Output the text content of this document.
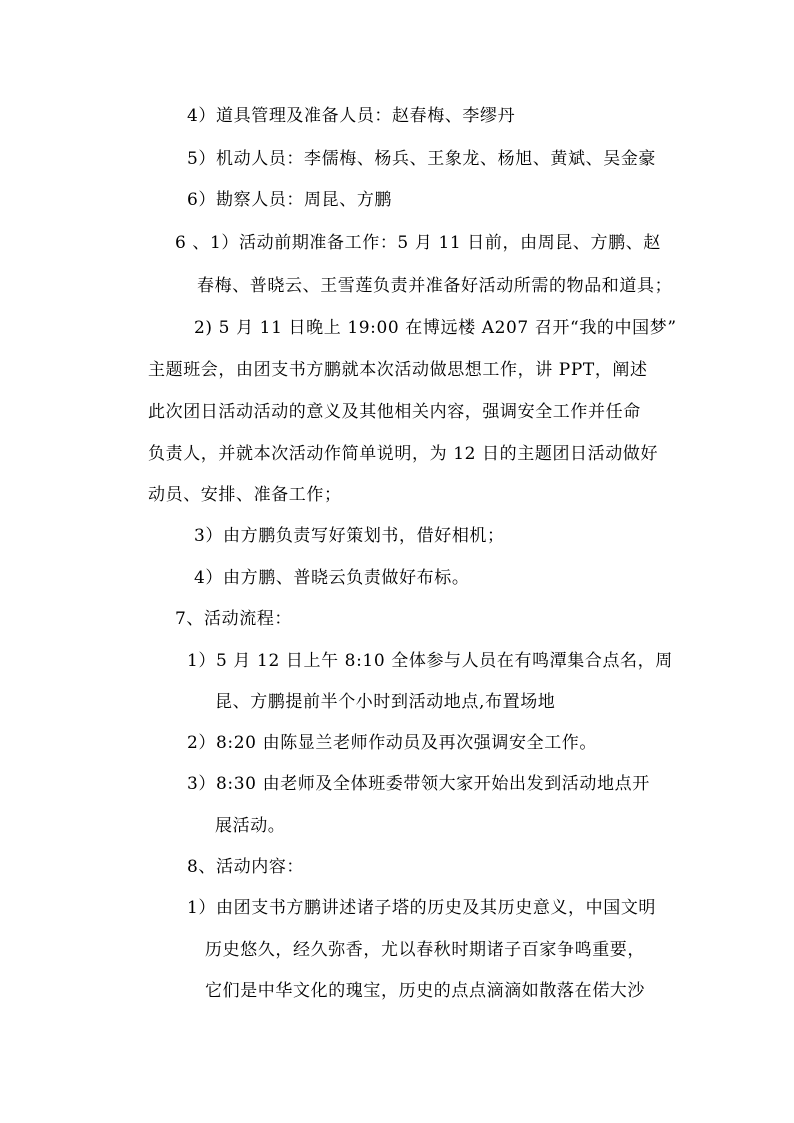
4）道具管理及准备人员：赵春梅、李缪丹
5）机动人员：李儒梅、杨兵、王象龙、杨旭、黄斌、吴金豪
6）勘察人员：周昆、方鹏
6 、1）活动前期准备工作：5 月 11 日前，由周昆、方鹏、赵
春梅、普晓云、王雪莲负责并准备好活动所需的物品和道具；
2) 5 月 11 日晚上 19:00 在博远楼 A207 召开“我的中国梦”
主题班会，由团支书方鹏就本次活动做思想工作，讲 PPT，阐述
此次团日活动活动的意义及其他相关内容，强调安全工作并任命
负责人，并就本次活动作简单说明，为 12 日的主题团日活动做好
动员、安排、准备工作；
3）由方鹏负责写好策划书，借好相机；
4）由方鹏、普晓云负责做好布标。
7、活动流程：
1）5 月 12 日上午 8:10 全体参与人员在有鸣潭集合点名，周
昆、方鹏提前半个小时到活动地点,布置场地
2）8:20 由陈显兰老师作动员及再次强调安全工作。
3）8:30 由老师及全体班委带领大家开始出发到活动地点开
展活动。
8、活动内容：
1）由团支书方鹏讲述诸子塔的历史及其历史意义，中国文明
历史悠久，经久弥香，尤以春秋时期诸子百家争鸣重要，
它们是中华文化的瑰宝，历史的点点滴滴如散落在偌大沙
